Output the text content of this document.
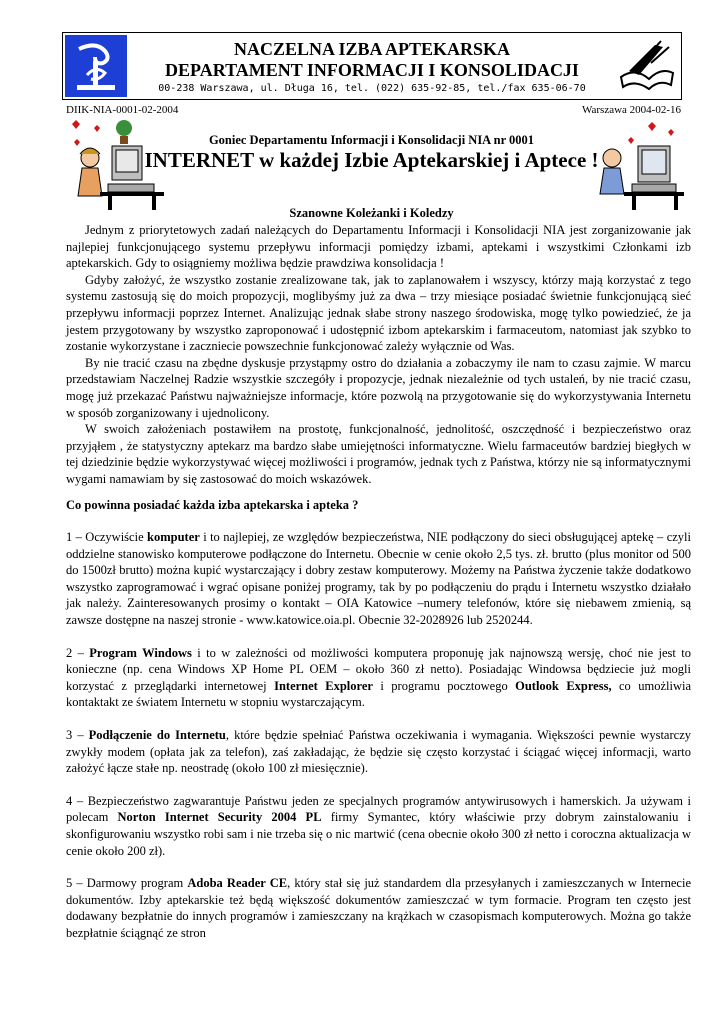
NACZELNA IZBA APTEKARSKA
DEPARTAMENT INFORMACJI I KONSOLIDACJI
00-238 Warszawa, ul. Długa 16, tel. (022) 635-92-85, tel./fax 635-06-70
DIIK-NIA-0001-02-2004	Warszawa 2004-02-16
Goniec Departamentu Informacji i Konsolidacji NIA nr 0001
INTERNET w każdej Izbie Aptekarskiej i Aptece !
Szanowne Koleżanki i Koledzy

Jednym z priorytetowych zadań należących do Departamentu Informacji i Konsolidacji NIA jest zorganizowanie jak najlepiej funkcjonującego systemu przepływu informacji pomiędzy izbami, aptekami i wszystkimi Członkami izb aptekarskich. Gdy to osiągniemy możliwa będzie prawdziwa konsolidacja !

Gdyby założyć, że wszystko zostanie zrealizowane tak, jak to zaplanowałem i wszyscy, którzy mają korzystać z tego systemu zastosują się do moich propozycji, moglibyśmy już za dwa – trzy miesiące posiadać świetnie funkcjonującą sieć przepływu informacji poprzez Internet. Analizując jednak słabe strony naszego środowiska, mogę tylko powiedzieć, że ja jestem przygotowany by wszystko zaproponować i udostępnić izbom aptekarskim i farmaceutom, natomiast jak szybko to zostanie wykorzystane i zaczniecie powszechnie funkcjonować zależy wyłącznie od Was.

By nie tracić czasu na zbędne dyskusje przystąpmy ostro do działania a zobaczymy ile nam to czasu zajmie. W marcu przedstawiam Naczelnej Radzie wszystkie szczegóły i propozycje, jednak niezależnie od tych ustaleń, by nie tracić czasu, mogę już przekazać Państwu najważniejsze informacje, które pozwolą na przygotowanie się do wykorzystywania Internetu w sposób zorganizowany i ujednolicony.

W swoich założeniach postawiłem na prostotę, funkcjonalność, jednolitość, oszczędność i bezpieczeństwo oraz przyjąłem , że statystyczny aptekarz ma bardzo słabe umiejętności informatyczne. Wielu farmaceutów bardziej biegłych w tej dziedzinie będzie wykorzystywać więcej możliwości i programów, jednak tych z Państwa, którzy nie są informatycznymi wygami namawiam by się zastosować do moich wskazówek.

Co powinna posiadać każda izba aptekarska i apteka ?

1 – Oczywiście komputer i to najlepiej, ze względów bezpieczeństwa, NIE podłączony do sieci obsługującej aptekę – czyli oddzielne stanowisko komputerowe podłączone do Internetu. Obecnie w cenie około 2,5 tys. zł. brutto (plus monitor od 500 do 1500zł brutto) można kupić wystarczający i dobry zestaw komputerowy. Możemy na Państwa życzenie także dodatkowo wszystko zaprogramować i wgrać opisane poniżej programy, tak by po podłączeniu do prądu i Internetu wszystko działało jak należy. Zainteresowanych prosimy o kontakt – OIA Katowice –numery telefonów, które się niebawem zmienią, są zawsze dostępne na naszej stronie - www.katowice.oia.pl. Obecnie 32-2028926 lub 2520244.

2 – Program Windows i to w zależności od możliwości komputera proponuję jak najnowszą wersję, choć nie jest to konieczne (np. cena Windows XP Home PL OEM – około 360 zł netto). Posiadając Windowsa będziecie już mogli korzystać z przeglądarki internetowej Internet Explorer i programu pocztowego Outlook Express, co umożliwia kontaktakt ze światem Internetu w stopniu wystarczającym.

3 – Podłączenie do Internetu, które będzie spełniać Państwa oczekiwania i wymagania. Większości pewnie wystarczy zwykły modem (opłata jak za telefon), zaś zakładając, że będzie się często korzystać i ściągać więcej informacji, warto założyć łącze stałe np. neostradę (około 100 zł miesięcznie).

4 – Bezpieczeństwo zagwarantuje Państwu jeden ze specjalnych programów antywirusowych i hamerskich. Ja używam i polecam Norton Internet Security 2004 PL firmy Symantec, który właściwie przy dobrym zainstalowaniu i skonfigurowaniu wszystko robi sam i nie trzeba się o nic martwić (cena obecnie około 300 zł netto i coroczna aktualizacja w cenie około 200 zł).

5 – Darmowy program Adoba Reader CE, który stał się już standardem dla przesyłanych i zamieszczanych w Internecie dokumentów. Izby aptekarskie też będą większość dokumentów zamieszczać w tym formacie. Program ten często jest dodawany bezpłatnie do innych programów i zamieszczany na krążkach w czasopismach komputerowych. Można go także bezpłatnie ściągnąć ze stron
